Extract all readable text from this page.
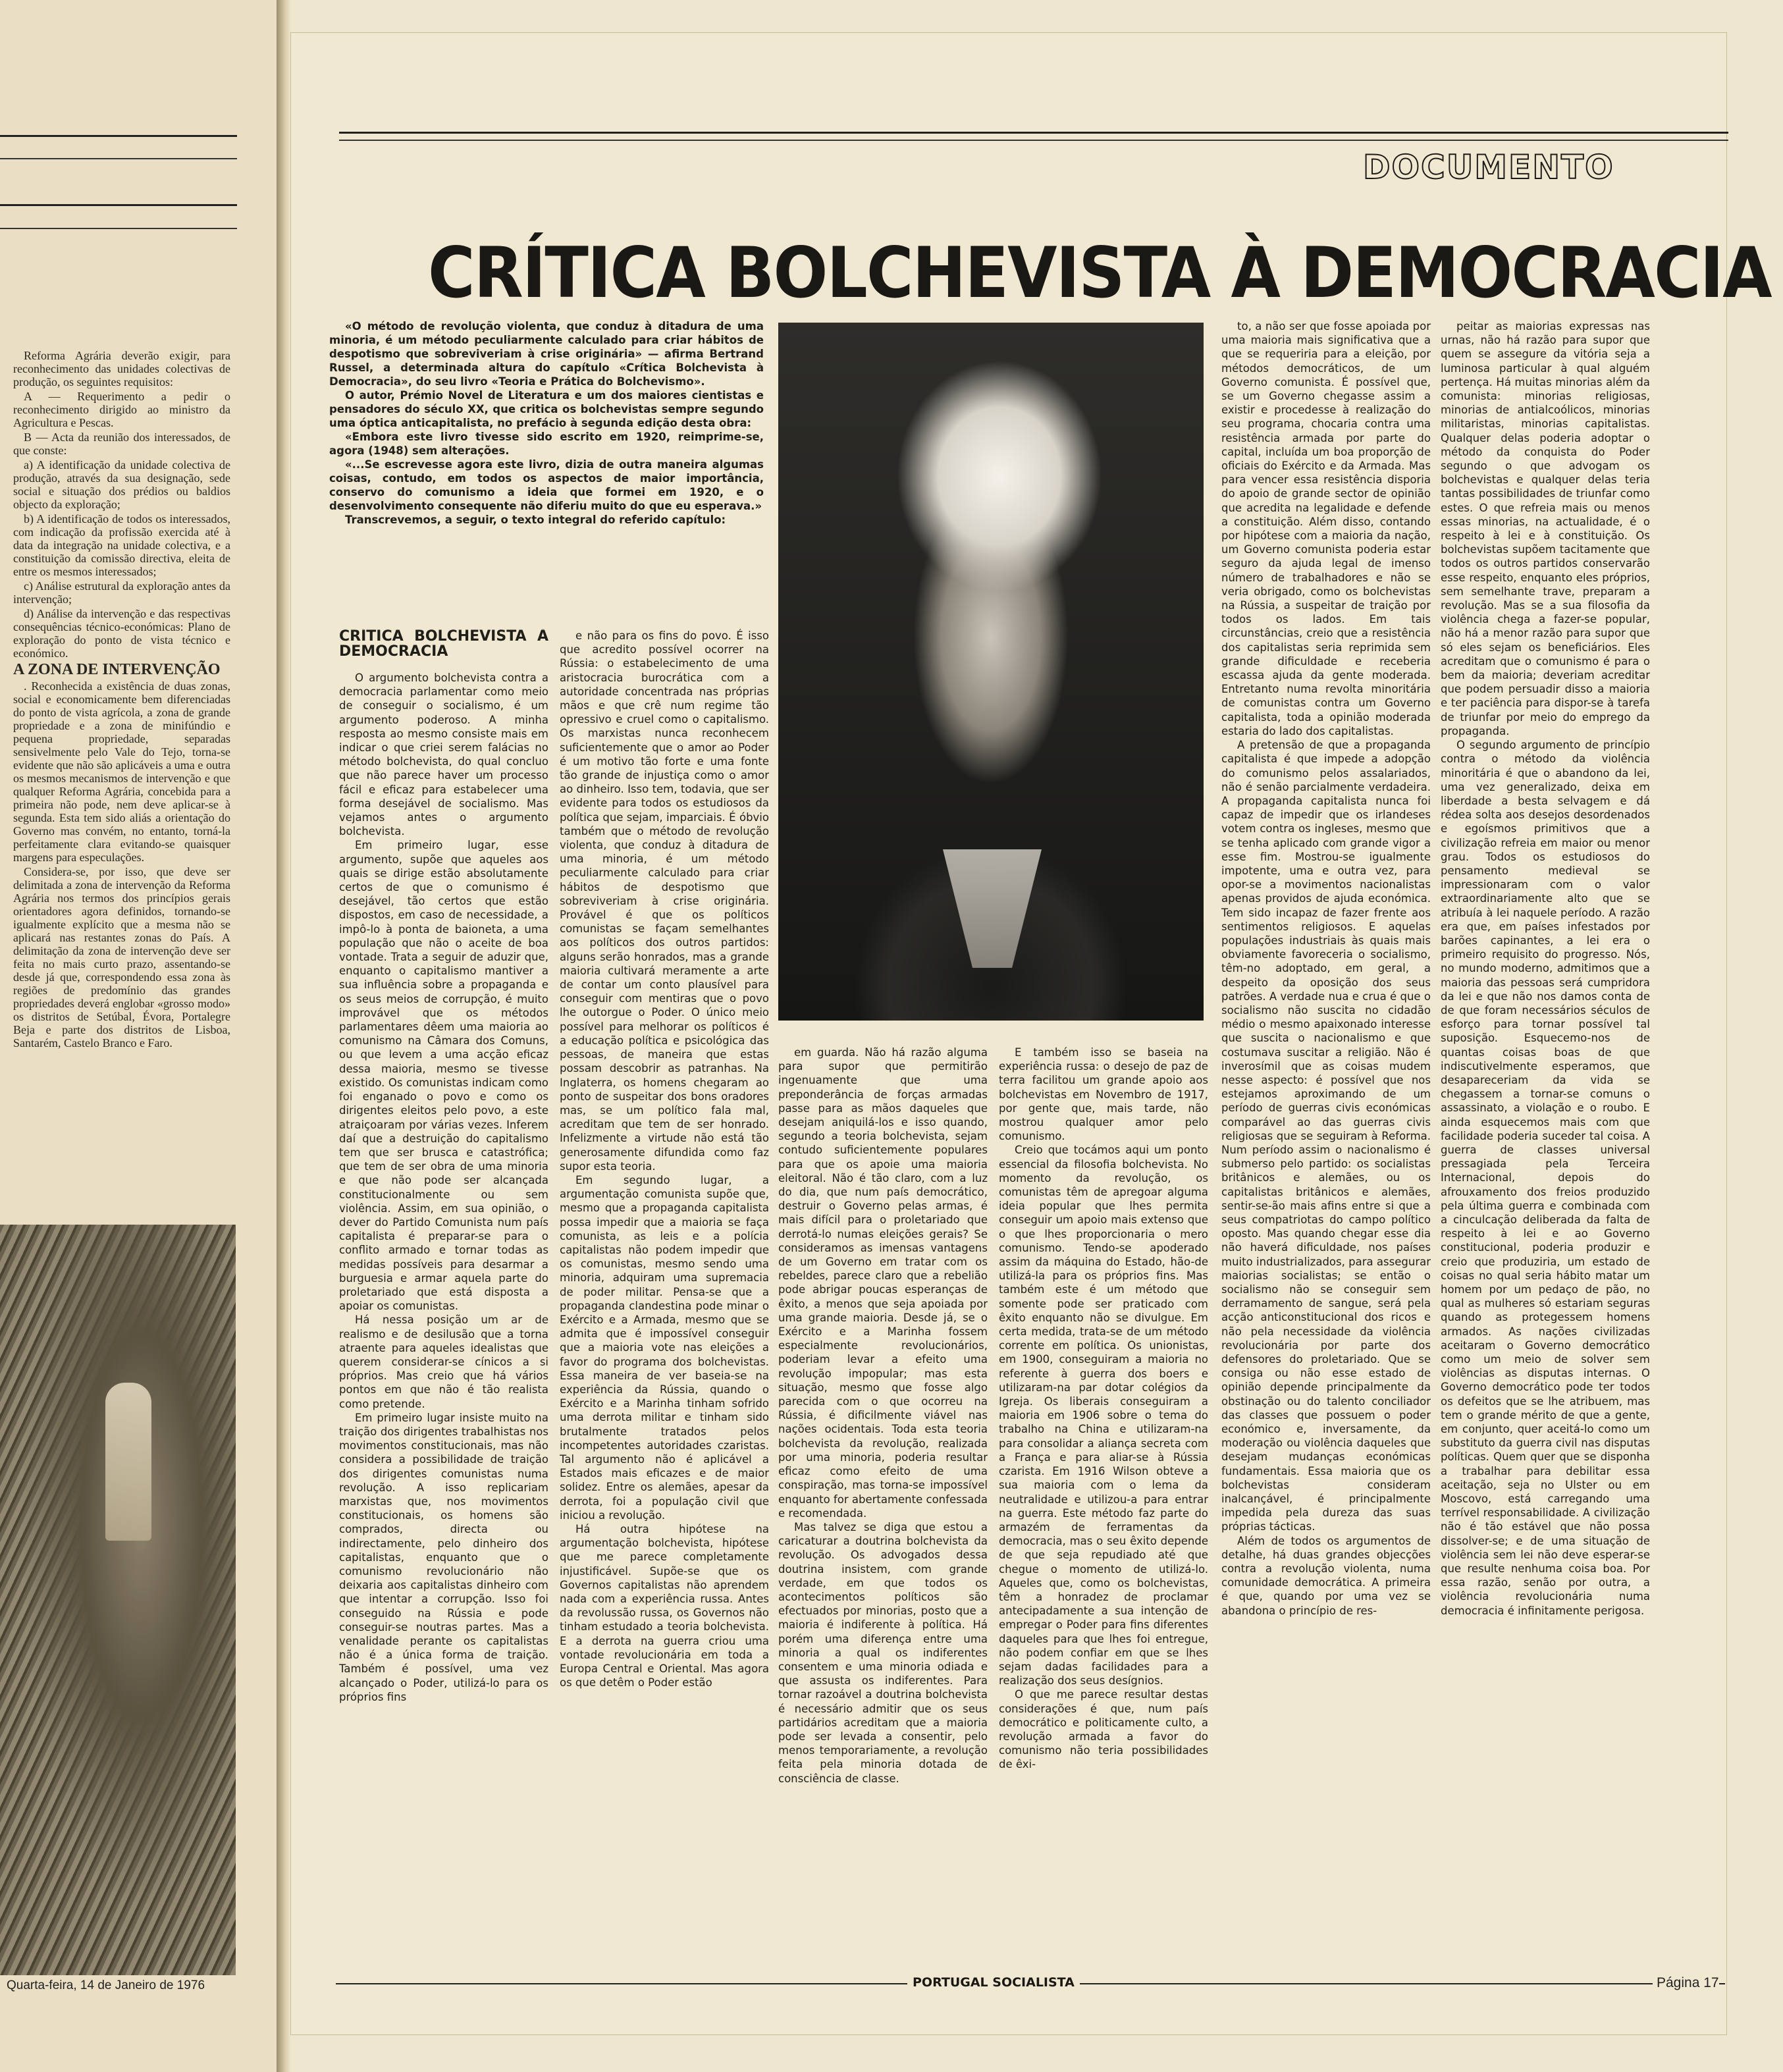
Reforma Agrária deverão exigir, para reconhecimento das unidades colectivas de produção, os seguintes requisitos:

A — Requerimento a pedir o reconhecimento dirigido ao ministro da Agricultura e Pescas.

B — Acta da reunião dos interessados, de que conste:

a) A identificação da unidade colectiva de produção, através da sua designação, sede social e situação dos prédios ou baldios objecto da exploração;

b) A identificação de todos os interessados, com indicação da profissão exercida até à data da integração na unidade colectiva, e a constituição da comissão directiva, eleita de entre os mesmos interessados;

c) Análise estrutural da exploração antes da intervenção;

d) Análise da intervenção e das respectivas consequências técnico-económicas: Plano de exploração do ponto de vista técnico e económico.

A ZONA DE INTERVENÇÃO

. Reconhecida a existência de duas zonas, social e economicamente bem diferenciadas do ponto de vista agrícola, a zona de grande propriedade e a zona de minifúndio e pequena propriedade, separadas sensivelmente pelo Vale do Tejo, torna-se evidente que não são aplicáveis a uma e outra os mesmos mecanismos de intervenção e que qualquer Reforma Agrária, concebida para a primeira não pode, nem deve aplicar-se à segunda. Esta tem sido aliás a orientação do Governo mas convém, no entanto, torná-la perfeitamente clara evitando-se quaisquer margens para especulações.

Considera-se, por isso, que deve ser delimitada a zona de intervenção da Reforma Agrária nos termos dos princípios gerais orientadores agora definidos, tornando-se igualmente explícito que a mesma não se aplicará nas restantes zonas do País. A delimitação da zona de intervenção deve ser feita no mais curto prazo, assentando-se desde já que, correspondendo essa zona às regiões de predomínio das grandes propriedades deverá englobar «grosso modo» os distritos de Setúbal, Évora, Portalegre Beja e parte dos distritos de Lisboa, Santarém, Castelo Branco e Faro.

Quarta-feira, 14 de Janeiro de 1976
DOCUMENTO
CRÍTICA BOLCHEVISTA À DEMOCRACIA

«O método de revolução violenta, que conduz à ditadura de uma minoria, é um método peculiarmente calculado para criar hábitos de despotismo que sobreviveriam à crise originária» — afirma Bertrand Russel, a determinada altura do capítulo «Crítica Bolchevista à Democracia», do seu livro «Teoria e Prática do Bolchevismo».

O autor, Prémio Novel de Literatura e um dos maiores cientistas e pensadores do século XX, que critica os bolchevistas sempre segundo uma óptica anticapitalista, no prefácio à segunda edição desta obra:

«Embora este livro tivesse sido escrito em 1920, reimprime-se, agora (1948) sem alterações.

«...Se escrevesse agora este livro, dizia de outra maneira algumas coisas, contudo, em todos os aspectos de maior importância, conservo do comunismo a ideia que formei em 1920, e o desenvolvimento consequente não diferiu muito do que eu esperava.»

Transcrevemos, a seguir, o texto integral do referido capítulo:

CRÍTICA BOLCHEVISTA À DEMOCRACIA

O argumento bolchevista contra a democracia parlamentar como meio de conseguir o socialismo, é um argumento poderoso. A minha resposta ao mesmo consiste mais em indicar o que criei serem falácias no método bolchevista, do qual concluo que não parece haver um processo fácil e eficaz para estabelecer uma forma desejável de socialismo. Mas vejamos antes o argumento bolchevista.

Em primeiro lugar, esse argumento, supõe que aqueles aos quais se dirige estão absolutamente certos de que o comunismo é desejável, tão certos que estão dispostos, em caso de necessidade, a impô-lo à ponta de baioneta, a uma população que não o aceite de boa vontade. Trata a seguir de aduzir que, enquanto o capitalismo mantiver a sua influência sobre a propaganda e os seus meios de corrupção, é muito improvável que os métodos parlamentares dêem uma maioria ao comunismo na Câmara dos Comuns, ou que levem a uma acção eficaz dessa maioria, mesmo se tivesse existido. Os comunistas indicam como foi enganado o povo e como os dirigentes eleitos pelo povo, a este atraiçoaram por várias vezes. Inferem daí que a destruição do capitalismo tem que ser brusca e catastrófica; que tem de ser obra de uma minoria e que não pode ser alcançada constitucionalmente ou sem violência. Assim, em sua opinião, o dever do Partido Comunista num país capitalista é preparar-se para o conflito armado e tornar todas as medidas possíveis para desarmar a burguesia e armar aquela parte do proletariado que está disposta a apoiar os comunistas.

Há nessa posição um ar de realismo e de desilusão que a torna atraente para aqueles idealistas que querem considerar-se cínicos a si próprios. Mas creio que há vários pontos em que não é tão realista como pretende.

Em primeiro lugar insiste muito na traição dos dirigentes trabalhistas nos movimentos constitucionais, mas não considera a possibilidade de traição dos dirigentes comunistas numa revolução. A isso replicariam marxistas que, nos movimentos constitucionais, os homens são comprados, directa ou indirectamente, pelo dinheiro dos capitalistas, enquanto que o comunismo revolucionário não deixaria aos capitalistas dinheiro com que intentar a corrupção. Isso foi conseguido na Rússia e pode conseguir-se noutras partes. Mas a venalidade perante os capitalistas não é a única forma de traição. Também é possível, uma vez alcançado o Poder, utilizá-lo para os próprios fins

e não para os fins do povo. É isso que acredito possível ocorrer na Rússia: o estabelecimento de uma aristocracia burocrática com a autoridade concentrada nas próprias mãos e que crê num regime tão opressivo e cruel como o capitalismo. Os marxistas nunca reconhecem suficientemente que o amor ao Poder é um motivo tão forte e uma fonte tão grande de injustiça como o amor ao dinheiro. Isso tem, todavia, que ser evidente para todos os estudiosos da política que sejam, imparciais. É óbvio também que o método de revolução violenta, que conduz à ditadura de uma minoria, é um método peculiarmente calculado para criar hábitos de despotismo que sobreviveriam à crise originária. Provável é que os políticos comunistas se façam semelhantes aos políticos dos outros partidos: alguns serão honrados, mas a grande maioria cultivará meramente a arte de contar um conto plausível para conseguir com mentiras que o povo lhe outorgue o Poder. O único meio possível para melhorar os políticos é a educação política e psicológica das pessoas, de maneira que estas possam descobrir as patranhas. Na Inglaterra, os homens chegaram ao ponto de suspeitar dos bons oradores mas, se um político fala mal, acreditam que tem de ser honrado. Infelizmente a virtude não está tão generosamente difundida como faz supor esta teoria.

Em segundo lugar, a argumentação comunista supõe que, mesmo que a propaganda capitalista possa impedir que a maioria se faça comunista, as leis e a polícia capitalistas não podem impedir que os comunistas, mesmo sendo uma minoria, adquiram uma supremacia de poder militar. Pensa-se que a propaganda clandestina pode minar o Exército e a Armada, mesmo que se admita que é impossível conseguir que a maioria vote nas eleições a favor do programa dos bolchevistas. Essa maneira de ver baseia-se na experiência da Rússia, quando o Exército e a Marinha tinham sofrido uma derrota militar e tinham sido brutalmente tratados pelos incompetentes autoridades czaristas. Tal argumento não é aplicável a Estados mais eficazes e de maior solidez. Entre os alemães, apesar da derrota, foi a população civil que iniciou a revolução.

Há outra hipótese na argumentação bolchevista, hipótese que me parece completamente injustificável. Supõe-se que os Governos capitalistas não aprendem nada com a experiência russa. Antes da revolussão russa, os Governos não tinham estudado a teoria bolchevista. E a derrota na guerra criou uma vontade revolucionária em toda a Europa Central e Oriental. Mas agora os que detêm o Poder estão

em guarda. Não há razão alguma para supor que permitirão ingenuamente que uma preponderância de forças armadas passe para as mãos daqueles que desejam aniquilá-los e isso quando, segundo a teoria bolchevista, sejam contudo suficientemente populares para que os apoie uma maioria eleitoral. Não é tão claro, com a luz do dia, que num país democrático, destruir o Governo pelas armas, é mais difícil para o proletariado que derrotá-lo numas eleições gerais? Se consideramos as imensas vantagens de um Governo em tratar com os rebeldes, parece claro que a rebelião pode abrigar poucas esperanças de êxito, a menos que seja apoiada por uma grande maioria. Desde já, se o Exército e a Marinha fossem especialmente revolucionários, poderiam levar a efeito uma revolução impopular; mas esta situação, mesmo que fosse algo parecida com o que ocorreu na Rússia, é dificilmente viável nas nações ocidentais. Toda esta teoria bolchevista da revolução, realizada por uma minoria, poderia resultar eficaz como efeito de uma conspiração, mas torna-se impossível enquanto for abertamente confessada e recomendada.

Mas talvez se diga que estou a caricaturar a doutrina bolchevista da revolução. Os advogados dessa doutrina insistem, com grande verdade, em que todos os acontecimentos políticos são efectuados por minorias, posto que a maioria é indiferente à política. Há porém uma diferença entre uma minoria a qual os indiferentes consentem e uma minoria odiada e que assusta os indiferentes. Para tornar razoável a doutrina bolchevista é necessário admitir que os seus partidários acreditam que a maioria pode ser levada a consentir, pelo menos temporariamente, a revolução feita pela minoria dotada de consciência de classe.

E também isso se baseia na experiência russa: o desejo de paz de terra facilitou um grande apoio aos bolchevistas em Novembro de 1917, por gente que, mais tarde, não mostrou qualquer amor pelo comunismo.

Creio que tocámos aqui um ponto essencial da filosofia bolchevista. No momento da revolução, os comunistas têm de apregoar alguma ideia popular que lhes permita conseguir um apoio mais extenso que o que lhes proporcionaria o mero comunismo. Tendo-se apoderado assim da máquina do Estado, hão-de utilizá-la para os próprios fins. Mas também este é um método que somente pode ser praticado com êxito enquanto não se divulgue. Em certa medida, trata-se de um método corrente em política. Os unionistas, em 1900, conseguiram a maioria no referente à guerra dos boers e utilizaram-na par dotar colégios da Igreja. Os liberais conseguiram a maioria em 1906 sobre o tema do trabalho na China e utilizaram-na para consolidar a aliança secreta com a França e para aliar-se à Rússia czarista. Em 1916 Wilson obteve a sua maioria com o lema da neutralidade e utilizou-a para entrar na guerra. Este método faz parte do armazém de ferramentas da democracia, mas o seu êxito depende de que seja repudiado até que chegue o momento de utilizá-lo. Aqueles que, como os bolchevistas, têm a honradez de proclamar antecipadamente a sua intenção de empregar o Poder para fins diferentes daqueles para que lhes foi entregue, não podem confiar em que se lhes sejam dadas facilidades para a realização dos seus desígnios.

O que me parece resultar destas considerações é que, num país democrático e politicamente culto, a revolução armada a favor do comunismo não teria possibilidades de êxi-

to, a não ser que fosse apoiada por uma maioria mais significativa que a que se requeriria para a eleição, por métodos democráticos, de um Governo comunista. É possível que, se um Governo chegasse assim a existir e procedesse à realização do seu programa, chocaria contra uma resistência armada por parte do capital, incluída um boa proporção de oficiais do Exército e da Armada. Mas para vencer essa resistência disporia do apoio de grande sector de opinião que acredita na legalidade e defende a constituição. Além disso, contando por hipótese com a maioria da nação, um Governo comunista poderia estar seguro da ajuda legal de imenso número de trabalhadores e não se veria obrigado, como os bolchevistas na Rússia, a suspeitar de traição por todos os lados. Em tais circunstâncias, creio que a resistência dos capitalistas seria reprimida sem grande dificuldade e receberia escassa ajuda da gente moderada. Entretanto numa revolta minoritária de comunistas contra um Governo capitalista, toda a opinião moderada estaria do lado dos capitalistas.

A pretensão de que a propaganda capitalista é que impede a adopção do comunismo pelos assalariados, não é senão parcialmente verdadeira. A propaganda capitalista nunca foi capaz de impedir que os irlandeses votem contra os ingleses, mesmo que se tenha aplicado com grande vigor a esse fim. Mostrou-se igualmente impotente, uma e outra vez, para opor-se a movimentos nacionalistas apenas providos de ajuda económica. Tem sido incapaz de fazer frente aos sentimentos religiosos. E aquelas populações industriais às quais mais obviamente favoreceria o socialismo, têm-no adoptado, em geral, a despeito da oposição dos seus patrões. A verdade nua e crua é que o socialismo não suscita no cidadão médio o mesmo apaixonado interesse que suscita o nacionalismo e que costumava suscitar a religião. Não é inverosímil que as coisas mudem nesse aspecto: é possível que nos estejamos aproximando de um período de guerras civis económicas comparável ao das guerras civis religiosas que se seguiram à Reforma. Num período assim o nacionalismo é submerso pelo partido: os socialistas britânicos e alemães, ou os capitalistas britânicos e alemães, sentir-se-ão mais afins entre si que a seus compatriotas do campo político oposto. Mas quando chegar esse dia não haverá dificuldade, nos países muito industrializados, para assegurar maiorias socialistas; se então o socialismo não se conseguir sem derramamento de sangue, será pela acção anticonstitucional dos ricos e não pela necessidade da violência revolucionária por parte dos defensores do proletariado. Que se consiga ou não esse estado de opinião depende principalmente da obstinação ou do talento conciliador das classes que possuem o poder económico e, inversamente, da moderação ou violência daqueles que desejam mudanças económicas fundamentais. Essa maioria que os bolchevistas consideram inalcançável, é principalmente impedida pela dureza das suas próprias tácticas.

Além de todos os argumentos de detalhe, há duas grandes objecções contra a revolução violenta, numa comunidade democrática. A primeira é que, quando por uma vez se abandona o princípio de res-

peitar as maiorias expressas nas urnas, não há razão para supor que quem se assegure da vitória seja a luminosa particular à qual alguém pertença. Há muitas minorias além da comunista: minorias religiosas, minorias de antialcoólicos, minorias militaristas, minorias capitalistas. Qualquer delas poderia adoptar o método da conquista do Poder segundo o que advogam os bolchevistas e qualquer delas teria tantas possibilidades de triunfar como estes. O que refreia mais ou menos essas minorias, na actualidade, é o respeito à lei e à constituição. Os bolchevistas supõem tacitamente que todos os outros partidos conservarão esse respeito, enquanto eles próprios, sem semelhante trave, preparam a revolução. Mas se a sua filosofia da violência chega a fazer-se popular, não há a menor razão para supor que só eles sejam os beneficiários. Eles acreditam que o comunismo é para o bem da maioria; deveriam acreditar que podem persuadir disso a maioria e ter paciência para dispor-se à tarefa de triunfar por meio do emprego da propaganda.

O segundo argumento de princípio contra o método da violência minoritária é que o abandono da lei, uma vez generalizado, deixa em liberdade a besta selvagem e dá rédea solta aos desejos desordenados e egoísmos primitivos que a civilização refreia em maior ou menor grau. Todos os estudiosos do pensamento medieval se impressionaram com o valor extraordinariamente alto que se atribuía à lei naquele período. A razão era que, em países infestados por barões capinantes, a lei era o primeiro requisito do progresso. Nós, no mundo moderno, admitimos que a maioria das pessoas será cumpridora da lei e que não nos damos conta de de que foram necessários séculos de esforço para tornar possível tal suposição. Esquecemo-nos de quantas coisas boas de que indiscutivelmente esperamos, que desapareceriam da vida se chegassem a tornar-se comuns o assassinato, a violação e o roubo. E ainda esquecemos mais com que facilidade poderia suceder tal coisa. A guerra de classes universal pressagiada pela Terceira Internacional, depois do afrouxamento dos freios produzido pela última guerra e combinada com a cinculcação deliberada da falta de respeito à lei e ao Governo constitucional, poderia produzir e creio que produziria, um estado de coisas no qual seria hábito matar um homem por um pedaço de pão, no qual as mulheres só estariam seguras quando as protegessem homens armados. As nações civilizadas aceitaram o Governo democrático como um meio de solver sem violências as disputas internas. O Governo democrático pode ter todos os defeitos que se lhe atribuem, mas tem o grande mérito de que a gente, em conjunto, quer aceitá-lo como um substituto da guerra civil nas disputas políticas. Quem quer que se disponha a trabalhar para debilitar essa aceitação, seja no Ulster ou em Moscovo, está carregando uma terrível responsabilidade. A civilização não é tão estável que não possa dissolver-se; e de uma situação de violência sem lei não deve esperar-se que resulte nenhuma coisa boa. Por essa razão, senão por outra, a violência revolucionária numa democracia é infinitamente perigosa.

PORTUGAL SOCIALISTA	Página 17
